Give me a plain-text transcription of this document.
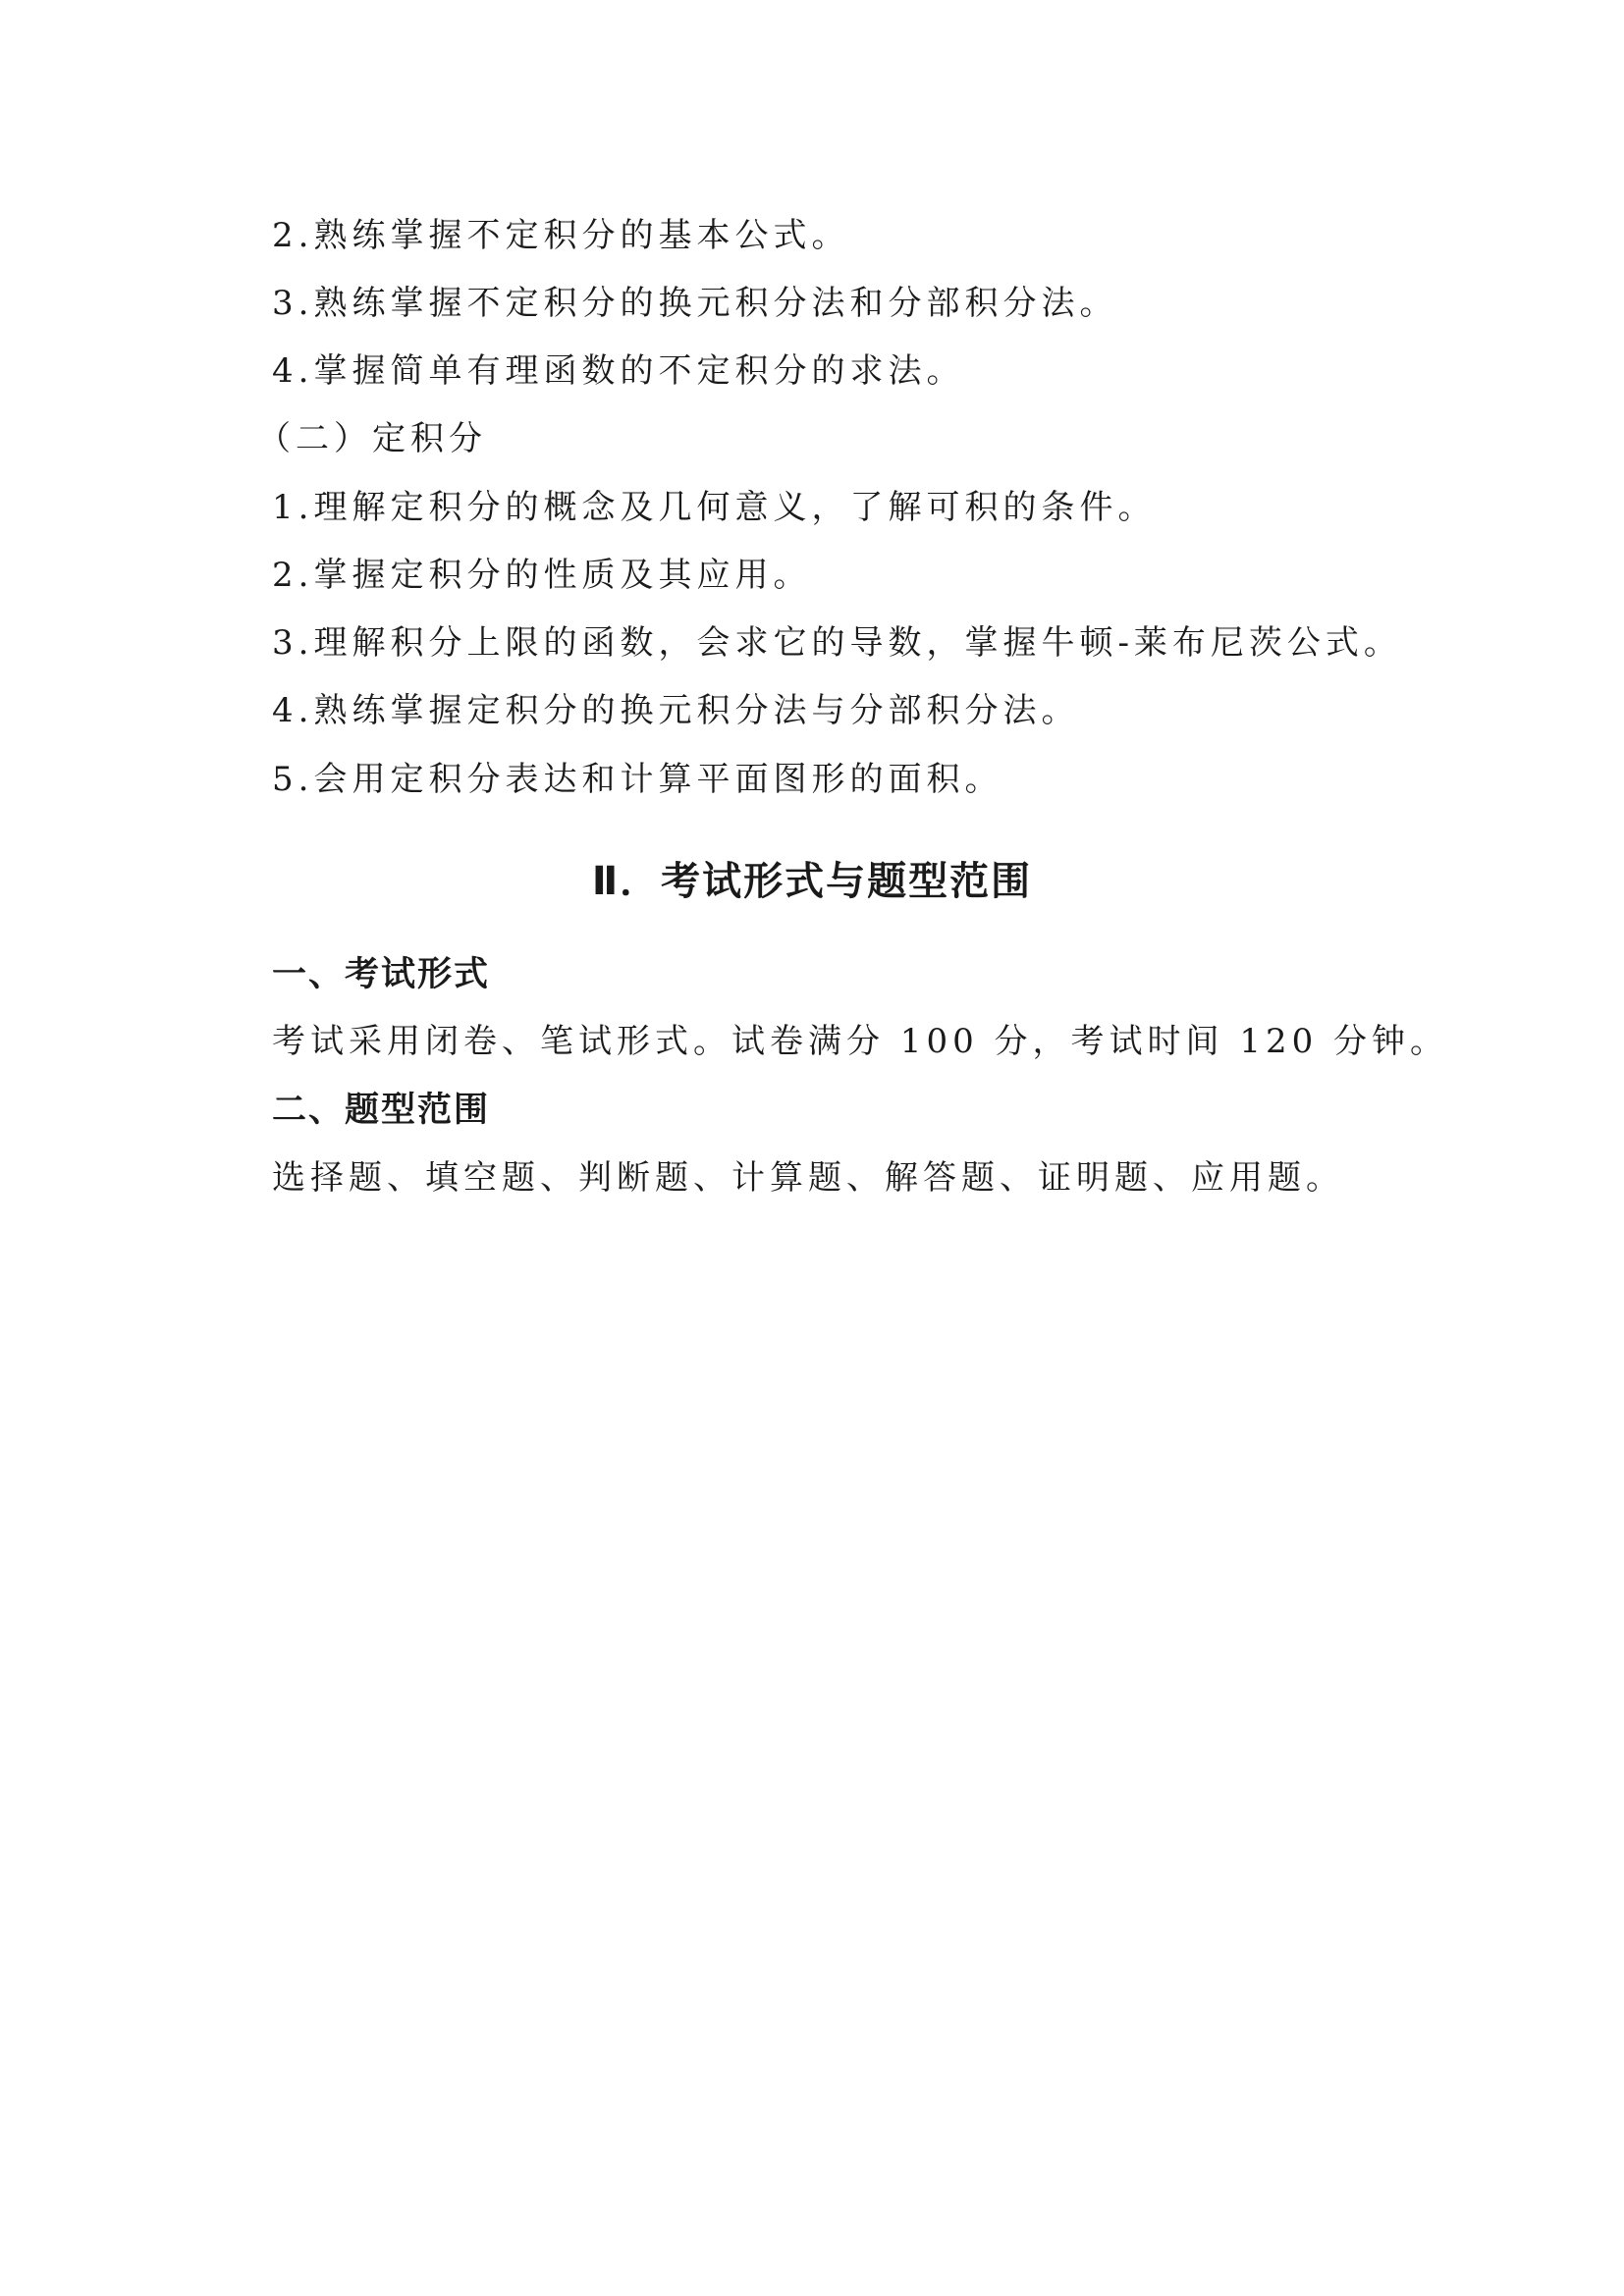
2.熟练掌握不定积分的基本公式。
3.熟练掌握不定积分的换元积分法和分部积分法。
4.掌握简单有理函数的不定积分的求法。
（二）定积分
1.理解定积分的概念及几何意义，了解可积的条件。
2.掌握定积分的性质及其应用。
3.理解积分上限的函数，会求它的导数，掌握牛顿-莱布尼茨公式。
4.熟练掌握定积分的换元积分法与分部积分法。
5.会用定积分表达和计算平面图形的面积。
Ⅱ．考试形式与题型范围
一、考试形式
考试采用闭卷、笔试形式。试卷满分 100 分，考试时间 120 分钟。
二、题型范围
选择题、填空题、判断题、计算题、解答题、证明题、应用题。
